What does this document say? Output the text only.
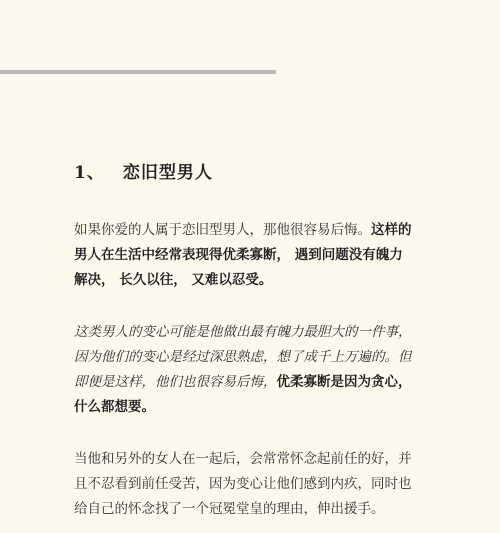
1、 恋旧型男人
如果你爱的人属于恋旧型男人，那他很容易后悔。这样的
男人在生活中经常表现得优柔寡断， 遇到问题没有魄力
解决， 长久以往， 又难以忍受。
这类男人的变心可能是他做出最有魄力最胆大的一件事，
因为他们的变心是经过深思熟虑，想了成千上万遍的。但
即便是这样，他们也很容易后悔，优柔寡断是因为贪心，
什么都想要。
当他和另外的女人在一起后，会常常怀念起前任的好，并
且不忍看到前任受苦，因为变心让他们感到内疚，同时也
给自己的怀念找了一个冠冕堂皇的理由，伸出援手。
